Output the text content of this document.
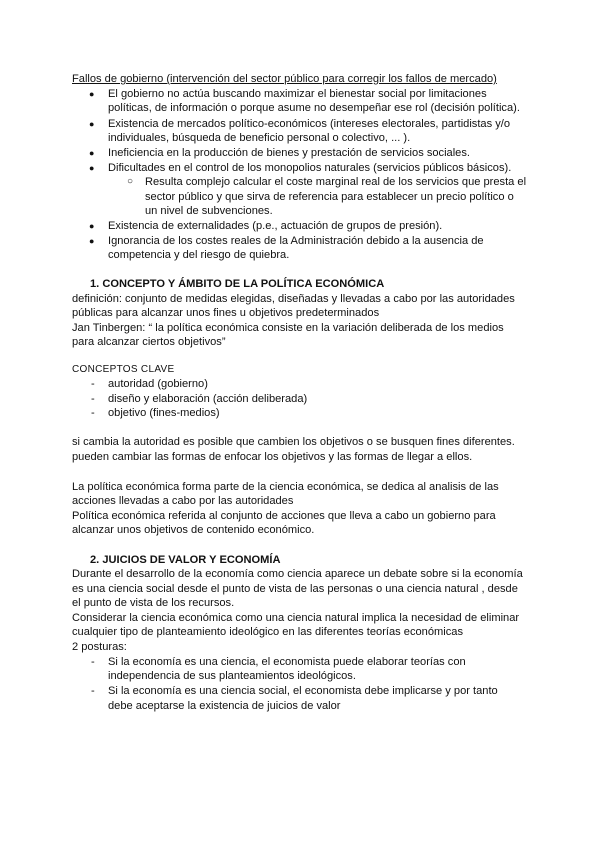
Fallos de gobierno (intervención del sector público para corregir los fallos de mercado)
● El gobierno no actúa buscando maximizar el bienestar social por limitaciones
políticas, de información o porque asume no desempeñar ese rol (decisión política).
● Existencia de mercados político-económicos (intereses electorales, partidistas y/o
individuales, búsqueda de beneficio personal o colectivo, ... ).
● Ineficiencia en la producción de bienes y prestación de servicios sociales.
● Dificultades en el control de los monopolios naturales (servicios públicos básicos).
○ Resulta complejo calcular el coste marginal real de los servicios que presta el
sector público y que sirva de referencia para establecer un precio político o
un nivel de subvenciones.
● Existencia de externalidades (p.e., actuación de grupos de presión).
● Ignorancia de los costes reales de la Administración debido a la ausencia de
competencia y del riesgo de quiebra.
1. CONCEPTO Y ÁMBITO DE LA POLÍTICA ECONÓMICA
definición: conjunto de medidas elegidas, diseñadas y llevadas a cabo por las autoridades
públicas para alcanzar unos fines u objetivos predeterminados
Jan Tinbergen: “ la política económica consiste en la variación deliberada de los medios
para alcanzar ciertos objetivos”
CONCEPTOS CLAVE
- autoridad (gobierno)
- diseño y elaboración (acción deliberada)
- objetivo (fines-medios)
si cambia la autoridad es posible que cambien los objetivos o se busquen fines diferentes.
pueden cambiar las formas de enfocar los objetivos y las formas de llegar a ellos.
La política económica forma parte de la ciencia económica, se dedica al analisis de las
acciones llevadas a cabo por las autoridades
Política económica referida al conjunto de acciones que lleva a cabo un gobierno para
alcanzar unos objetivos de contenido económico.
2. JUICIOS DE VALOR Y ECONOMÍA
Durante el desarrollo de la economía como ciencia aparece un debate sobre si la economía
es una ciencia social desde el punto de vista de las personas o una ciencia natural , desde
el punto de vista de los recursos.
Considerar la ciencia económica como una ciencia natural implica la necesidad de eliminar
cualquier tipo de planteamiento ideológico en las diferentes teorías económicas
2 posturas:
- Si la economía es una ciencia, el economista puede elaborar teorías con
independencia de sus planteamientos ideológicos.
- Si la economía es una ciencia social, el economista debe implicarse y por tanto
debe aceptarse la existencia de juicios de valor
